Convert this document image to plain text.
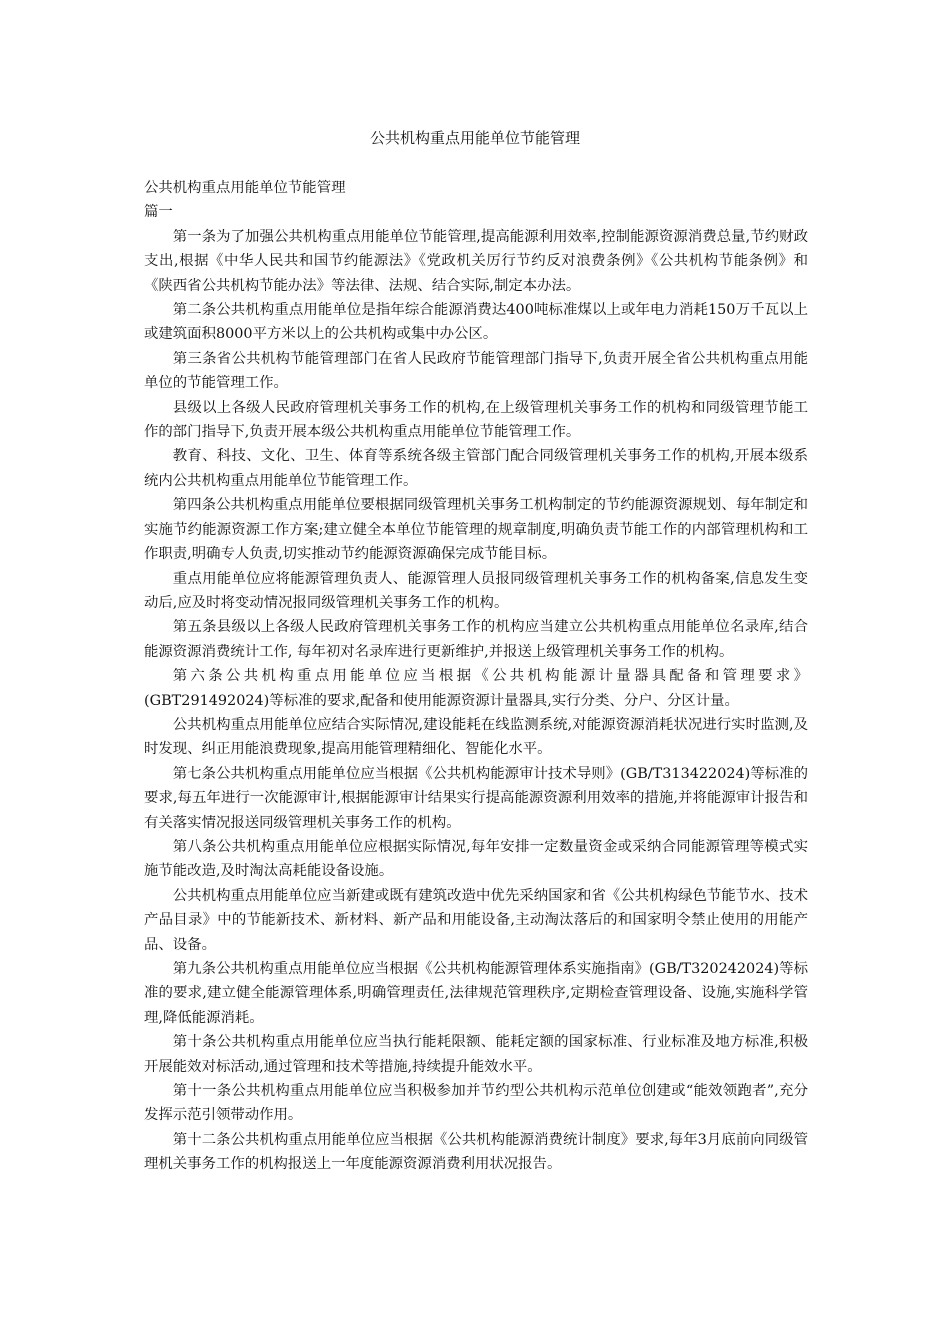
公共机构重点用能单位节能管理

公共机构重点用能单位节能管理

篇一

第一条为了加强公共机构重点用能单位节能管理,提高能源利用效率,控制能源资源消费总量,节约财政支出,根据《中华人民共和国节约能源法》《党政机关厉行节约反对浪费条例》《公共机构节能条例》和《陕西省公共机构节能办法》等法律、法规、结合实际,制定本办法。

第二条公共机构重点用能单位是指年综合能源消费达400吨标准煤以上或年电力消耗150万千瓦以上或建筑面积8000平方米以上的公共机构或集中办公区。

第三条省公共机构节能管理部门在省人民政府节能管理部门指导下,负责开展全省公共机构重点用能单位的节能管理工作。

县级以上各级人民政府管理机关事务工作的机构,在上级管理机关事务工作的机构和同级管理节能工作的部门指导下,负责开展本级公共机构重点用能单位节能管理工作。

教育、科技、文化、卫生、体育等系统各级主管部门配合同级管理机关事务工作的机构,开展本级系统内公共机构重点用能单位节能管理工作。

第四条公共机构重点用能单位要根据同级管理机关事务工机构制定的节约能源资源规划、每年制定和实施节约能源资源工作方案;建立健全本单位节能管理的规章制度,明确负责节能工作的内部管理机构和工作职责,明确专人负责,切实推动节约能源资源确保完成节能目标。

重点用能单位应将能源管理负责人、能源管理人员报同级管理机关事务工作的机构备案,信息发生变动后,应及时将变动情况报同级管理机关事务工作的机构。

第五条县级以上各级人民政府管理机关事务工作的机构应当建立公共机构重点用能单位名录库,结合能源资源消费统计工作, 每年初对名录库进行更新维护,并报送上级管理机关事务工作的机构。

第六条公共机构重点用能单位应当根据《公共机构能源计量器具配备和管理要求》(GBT291492024)等标准的要求,配备和使用能源资源计量器具,实行分类、分户、分区计量。

公共机构重点用能单位应结合实际情况,建设能耗在线监测系统,对能源资源消耗状况进行实时监测,及时发现、纠正用能浪费现象,提高用能管理精细化、智能化水平。

第七条公共机构重点用能单位应当根据《公共机构能源审计技术导则》(GB/T313422024)等标准的要求,每五年进行一次能源审计,根据能源审计结果实行提高能源资源利用效率的措施,并将能源审计报告和有关落实情况报送同级管理机关事务工作的机构。

第八条公共机构重点用能单位应根据实际情况,每年安排一定数量资金或采纳合同能源管理等模式实施节能改造,及时淘汰高耗能设备设施。

公共机构重点用能单位应当新建或既有建筑改造中优先采纳国家和省《公共机构绿色节能节水、技术产品目录》中的节能新技术、新材料、新产品和用能设备,主动淘汰落后的和国家明令禁止使用的用能产品、设备。

第九条公共机构重点用能单位应当根据《公共机构能源管理体系实施指南》(GB/T320242024)等标准的要求,建立健全能源管理体系,明确管理责任,法律规范管理秩序,定期检查管理设备、设施,实施科学管理,降低能源消耗。

第十条公共机构重点用能单位应当执行能耗限额、能耗定额的国家标准、行业标准及地方标准,积极开展能效对标活动,通过管理和技术等措施,持续提升能效水平。

第十一条公共机构重点用能单位应当积极参加并节约型公共机构示范单位创建或“能效领跑者”,充分发挥示范引领带动作用。

第十二条公共机构重点用能单位应当根据《公共机构能源消费统计制度》要求,每年3月底前向同级管理机关事务工作的机构报送上一年度能源资源消费利用状况报告。
